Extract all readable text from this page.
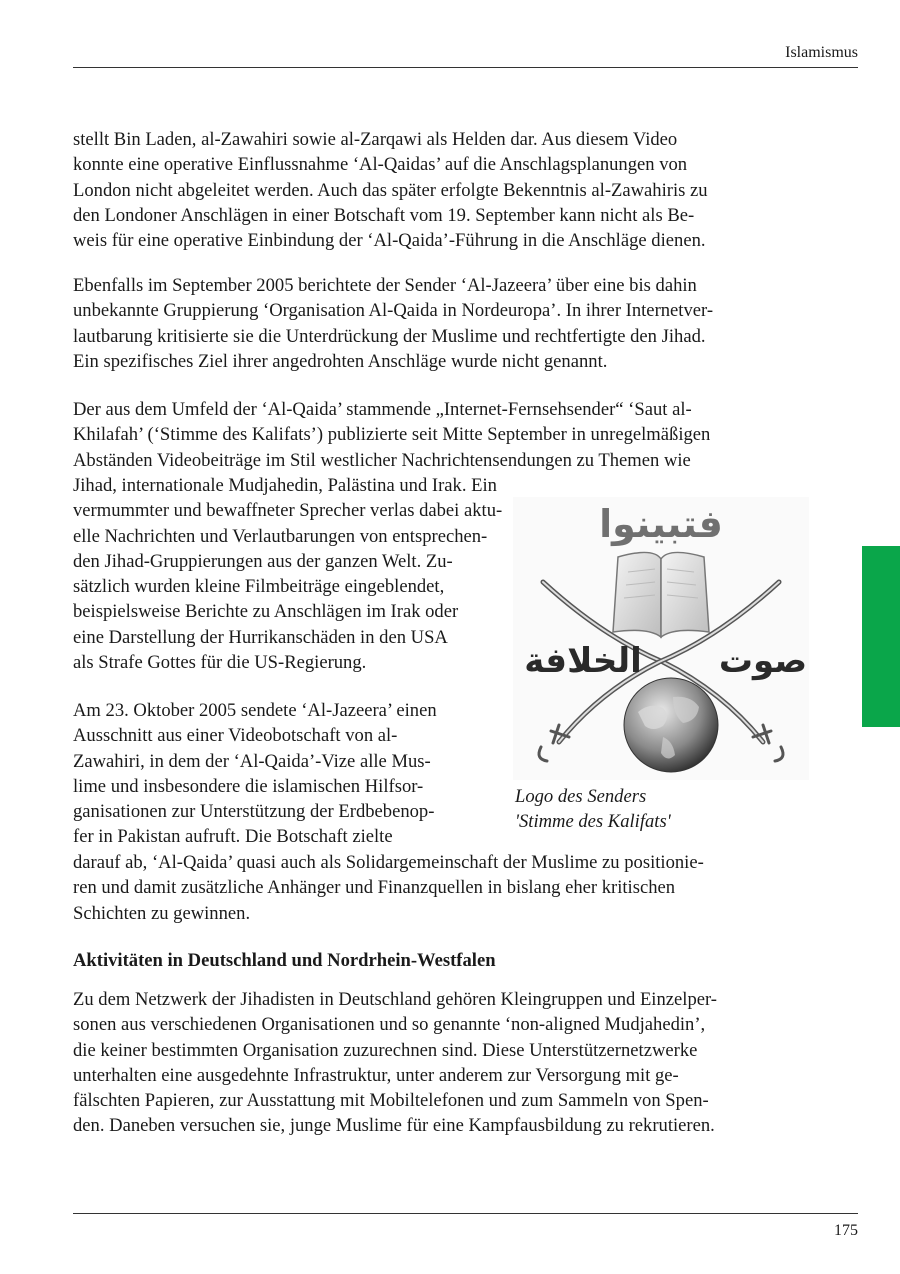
Islamismus
stellt Bin Laden, al-Zawahiri sowie al-Zarqawi als Helden dar. Aus diesem Video
konnte eine operative Einflussnahme ‘Al-Qaidas’ auf die Anschlagsplanungen von
London nicht abgeleitet werden. Auch das später erfolgte Bekenntnis al-Zawahiris zu
den Londoner Anschlägen in einer Botschaft vom 19. September kann nicht als Be-
weis für eine operative Einbindung der ‘Al-Qaida’-Führung in die Anschläge dienen.
Ebenfalls im September 2005 berichtete der Sender ‘Al-Jazeera’ über eine bis dahin
unbekannte Gruppierung ‘Organisation Al-Qaida in Nordeuropa’. In ihrer Internetver-
lautbarung kritisierte sie die Unterdrückung der Muslime und rechtfertigte den Jihad.
Ein spezifisches Ziel ihrer angedrohten Anschläge wurde nicht genannt.
Der aus dem Umfeld der ‘Al-Qaida’ stammende „Internet-Fernsehsender“ ‘Saut al-
Khilafah’ (‘Stimme des Kalifats’) publizierte seit Mitte September in unregelmäßigen
Abständen Videobeiträge im Stil westlicher Nachrichtensendungen zu Themen wie
Jihad, internationale Mudjahedin, Palästina und Irak. Ein
vermummter und bewaffneter Sprecher verlas dabei aktu-
elle Nachrichten und Verlautbarungen von entsprechen-
den Jihad-Gruppierungen aus der ganzen Welt. Zu-
sätzlich wurden kleine Filmbeiträge eingeblendet,
beispielsweise Berichte zu Anschlägen im Irak oder
eine Darstellung der Hurrikanschäden in den USA
als Strafe Gottes für die US-Regierung.
Am 23. Oktober 2005 sendete ‘Al-Jazeera’ einen
Ausschnitt aus einer Videobotschaft von al-
Zawahiri, in dem der ‘Al-Qaida’-Vize alle Mus-
lime und insbesondere die islamischen Hilfsor-
ganisationen zur Unterstützung der Erdbebenop-
fer in Pakistan aufruft. Die Botschaft zielte
darauf ab, ‘Al-Qaida’ quasi auch als Solidargemeinschaft der Muslime zu positionie-
ren und damit zusätzliche Anhänger und Finanzquellen in bislang eher kritischen
Schichten zu gewinnen.
Aktivitäten in Deutschland und Nordrhein-Westfalen
Zu dem Netzwerk der Jihadisten in Deutschland gehören Kleingruppen und Einzelper-
sonen aus verschiedenen Organisationen und so genannte ‘non-aligned Mudjahedin’,
die keiner bestimmten Organisation zuzurechnen sind. Diese Unterstützernetzwerke
unterhalten eine ausgedehnte Infrastruktur, unter anderem zur Versorgung mit ge-
fälschten Papieren, zur Ausstattung mit Mobiltelefonen und zum Sammeln von Spen-
den. Daneben versuchen sie, junge Muslime für eine Kampfausbildung zu rekrutieren.
فتبينوا
الخلافة صوت
Logo des Senders
'Stimme des Kalifats'
175
